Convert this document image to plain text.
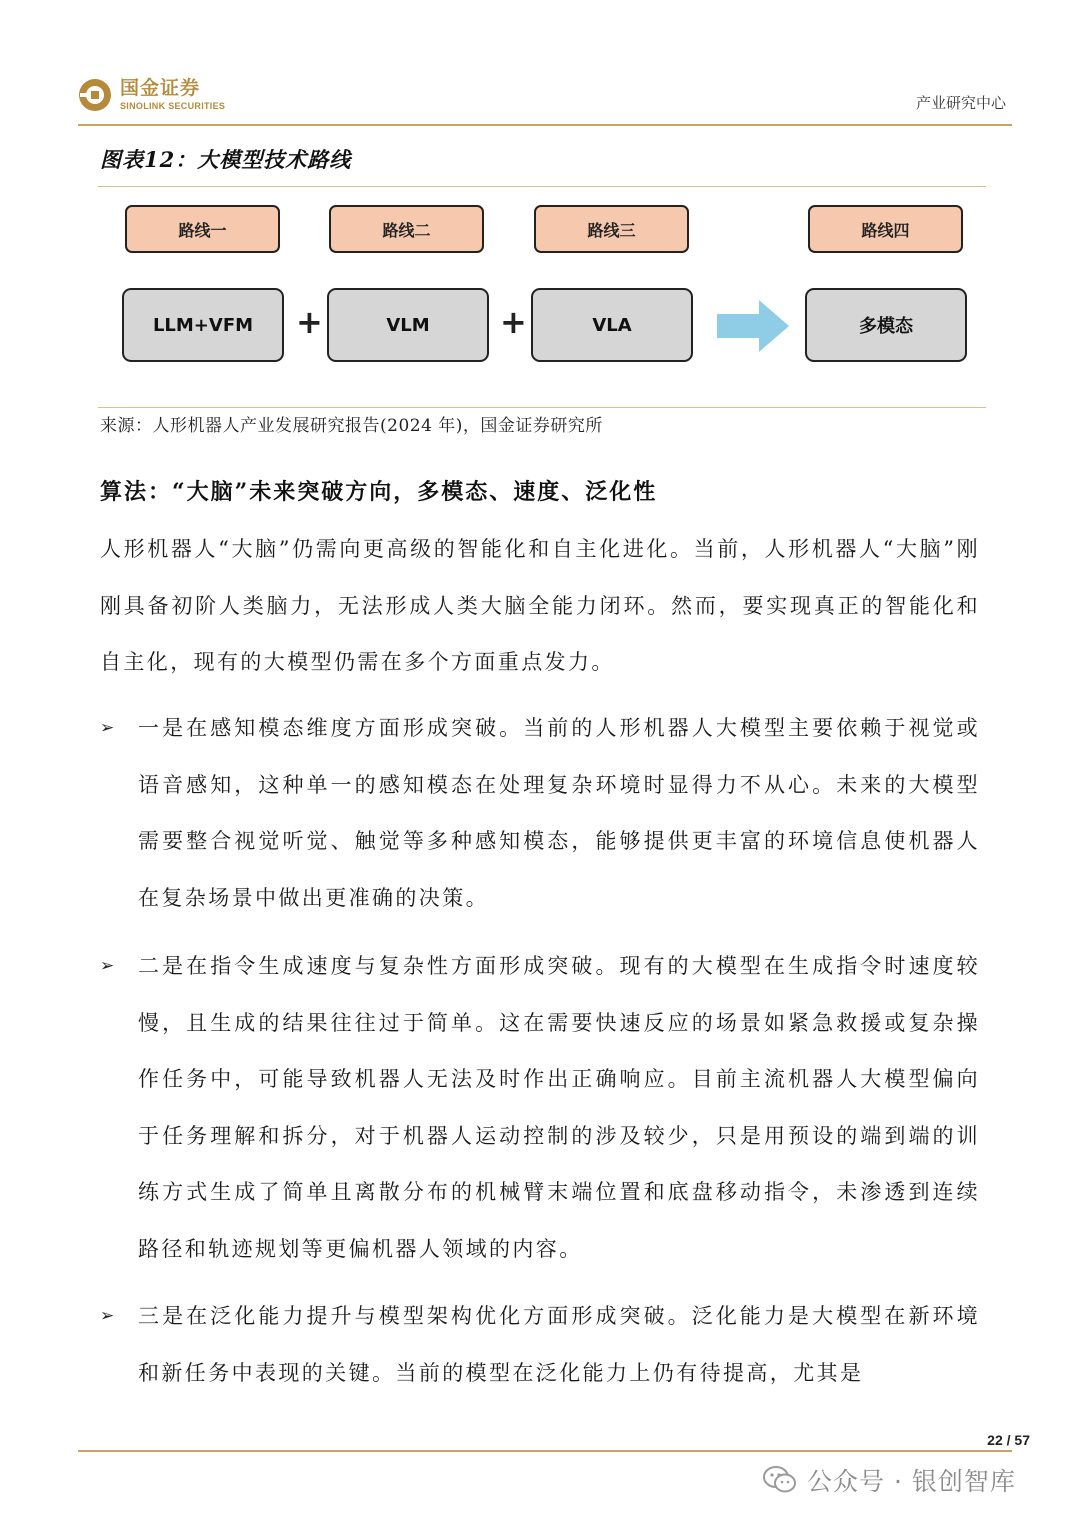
国金证券
SINOLINK SECURITIES	产业研究中心
图表12：大模型技术路线
路线一	路线二	路线三	路线四
LLM+VFM	+	VLM	+	VLA	多模态
来源：人形机器人产业发展研究报告(2024 年)，国金证券研究所
算法：“大脑”未来突破方向，多模态、速度、泛化性
人形机器人“大脑”仍需向更高级的智能化和自主化进化。当前，人形机器人“大脑”刚刚具备初阶人类脑力，无法形成人类大脑全能力闭环。然而，要实现真正的智能化和自主化，现有的大模型仍需在多个方面重点发力。
➢ 一是在感知模态维度方面形成突破。当前的人形机器人大模型主要依赖于视觉或语音感知，这种单一的感知模态在处理复杂环境时显得力不从心。未来的大模型需要整合视觉听觉、触觉等多种感知模态，能够提供更丰富的环境信息使机器人在复杂场景中做出更准确的决策。
➢ 二是在指令生成速度与复杂性方面形成突破。现有的大模型在生成指令时速度较慢，且生成的结果往往过于简单。这在需要快速反应的场景如紧急救援或复杂操作任务中，可能导致机器人无法及时作出正确响应。目前主流机器人大模型偏向于任务理解和拆分，对于机器人运动控制的涉及较少，只是用预设的端到端的训练方式生成了简单且离散分布的机械臂末端位置和底盘移动指令，未渗透到连续路径和轨迹规划等更偏机器人领域的内容。
➢ 三是在泛化能力提升与模型架构优化方面形成突破。泛化能力是大模型在新环境和新任务中表现的关键。当前的模型在泛化能力上仍有待提高，尤其是
22 / 57
公众号 · 银创智库
